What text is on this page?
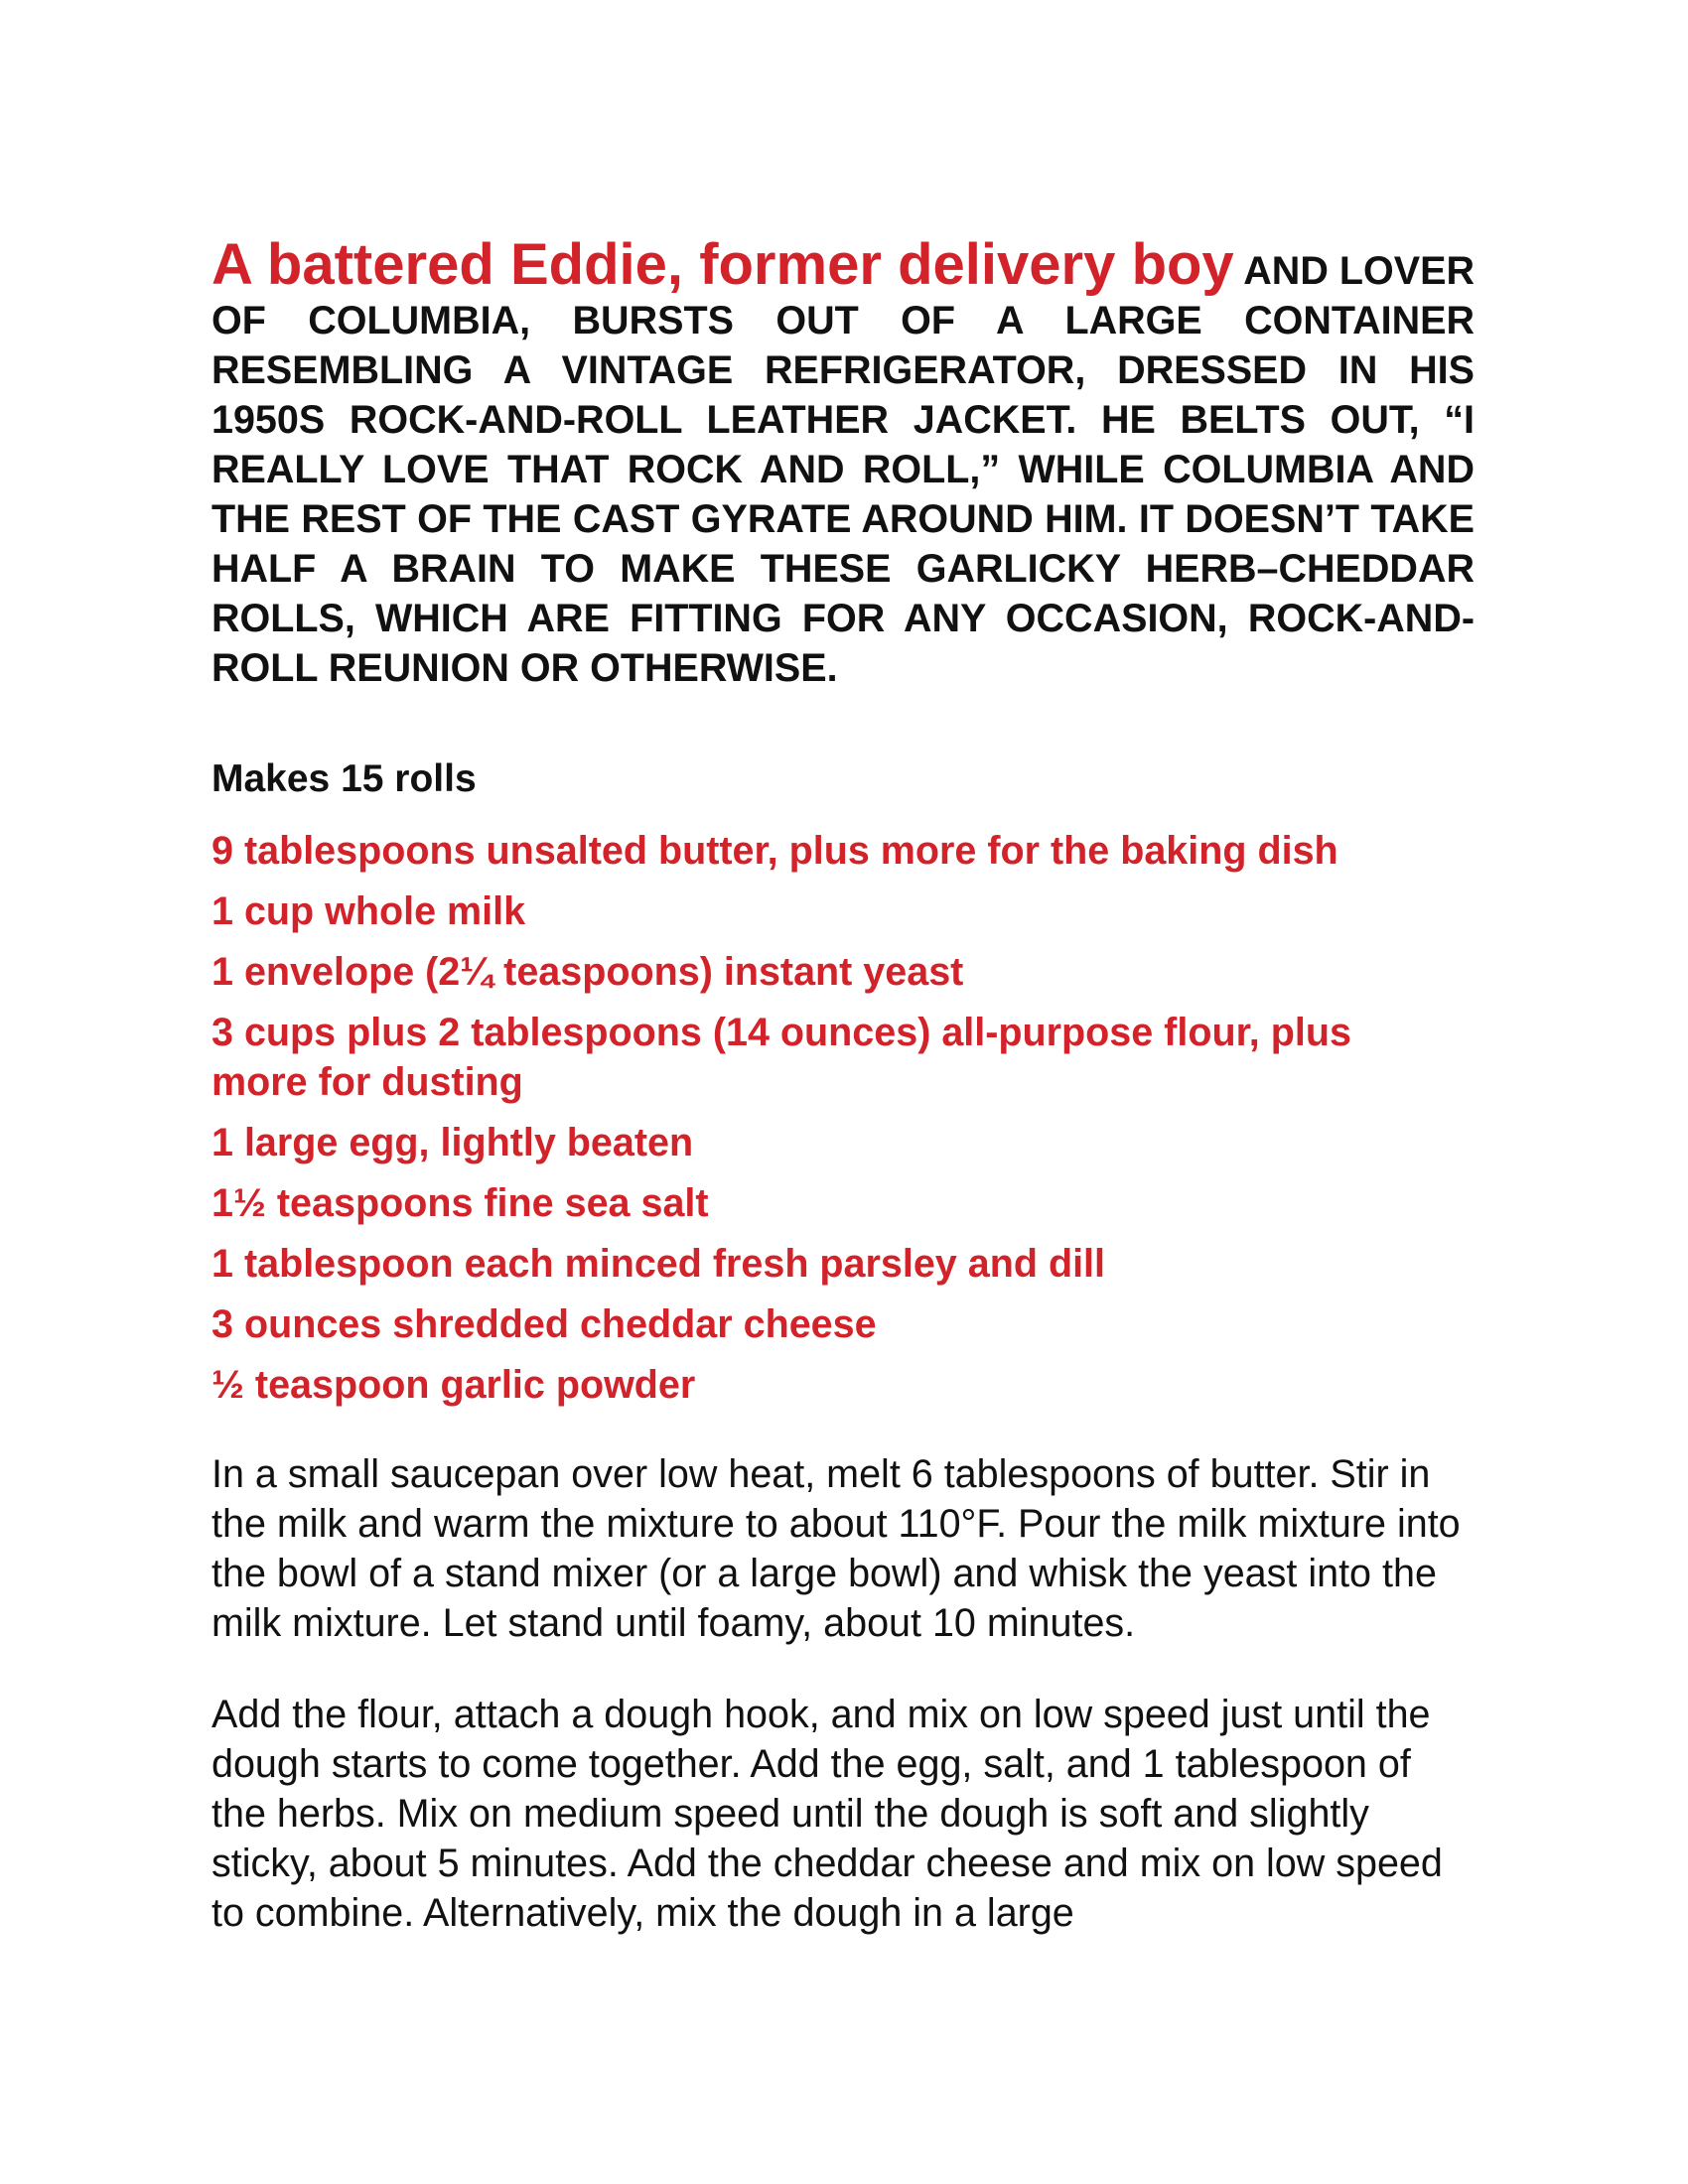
A battered Eddie, former delivery boy AND LOVER OF COLUMBIA, BURSTS OUT OF A LARGE CONTAINER RESEMBLING A VINTAGE REFRIGERATOR, DRESSED IN HIS 1950S ROCK-AND-ROLL LEATHER JACKET. HE BELTS OUT, “I REALLY LOVE THAT ROCK AND ROLL,” WHILE COLUMBIA AND THE REST OF THE CAST GYRATE AROUND HIM. IT DOESN’T TAKE HALF A BRAIN TO MAKE THESE GARLICKY HERB–CHEDDAR ROLLS, WHICH ARE FITTING FOR ANY OCCASION, ROCK-AND-ROLL REUNION OR OTHERWISE.

Makes 15 rolls

9 tablespoons unsalted butter, plus more for the baking dish
1 cup whole milk
1 envelope (2¼ teaspoons) instant yeast
3 cups plus 2 tablespoons (14 ounces) all-purpose flour, plus more for dusting
1 large egg, lightly beaten
1½ teaspoons fine sea salt
1 tablespoon each minced fresh parsley and dill
3 ounces shredded cheddar cheese
½ teaspoon garlic powder

In a small saucepan over low heat, melt 6 tablespoons of butter. Stir in the milk and warm the mixture to about 110°F. Pour the milk mixture into the bowl of a stand mixer (or a large bowl) and whisk the yeast into the milk mixture. Let stand until foamy, about 10 minutes.

Add the flour, attach a dough hook, and mix on low speed just until the dough starts to come together. Add the egg, salt, and 1 tablespoon of the herbs. Mix on medium speed until the dough is soft and slightly sticky, about 5 minutes. Add the cheddar cheese and mix on low speed to combine. Alternatively, mix the dough in a large
